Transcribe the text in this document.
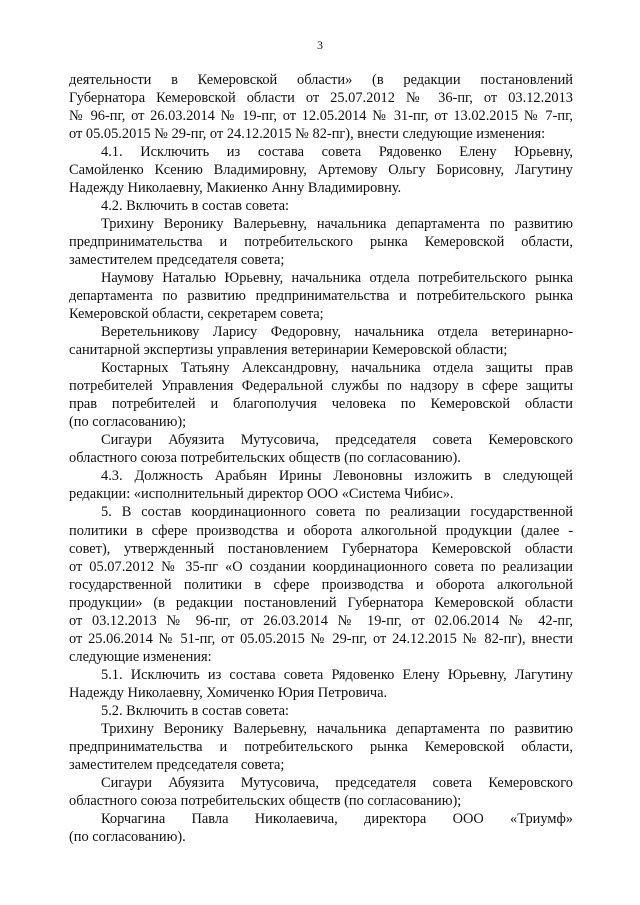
3
деятельности в Кемеровской области» (в редакции постановлений
Губернатора Кемеровской области от 25.07.2012 № 36-пг, от 03.12.2013
№ 96-пг, от 26.03.2014 № 19-пг, от 12.05.2014 № 31-пг, от 13.02.2015 № 7-пг,
от 05.05.2015 № 29-пг, от 24.12.2015 № 82-пг), внести следующие изменения:
4.1. Исключить из состава совета Рядовенко Елену Юрьевну,
Самойленко Ксению Владимировну, Артемову Ольгу Борисовну, Лагутину
Надежду Николаевну, Макиенко Анну Владимировну.
4.2. Включить в состав совета:
Трихину Веронику Валерьевну, начальника департамента по развитию
предпринимательства и потребительского рынка Кемеровской области,
заместителем председателя совета;
Наумову Наталью Юрьевну, начальника отдела потребительского рынка
департамента по развитию предпринимательства и потребительского рынка
Кемеровской области, секретарем совета;
Веретельникову Ларису Федоровну, начальника отдела ветеринарно-
санитарной экспертизы управления ветеринарии Кемеровской области;
Костарных Татьяну Александровну, начальника отдела защиты прав
потребителей Управления Федеральной службы по надзору в сфере защиты
прав потребителей и благополучия человека по Кемеровской области
(по согласованию);
Сигаури Абуязита Мутусовича, председателя совета Кемеровского
областного союза потребительских обществ (по согласованию).
4.3. Должность Арабьян Ирины Левоновны изложить в следующей
редакции: «исполнительный директор ООО «Система Чибис».
5. В состав координационного совета по реализации государственной
политики в сфере производства и оборота алкогольной продукции (далее -
совет), утвержденный постановлением Губернатора Кемеровской области
от 05.07.2012 № 35-пг «О создании координационного совета по реализации
государственной политики в сфере производства и оборота алкогольной
продукции» (в редакции постановлений Губернатора Кемеровской области
от 03.12.2013 № 96-пг, от 26.03.2014 № 19-пг, от 02.06.2014 № 42-пг,
от 25.06.2014 № 51-пг, от 05.05.2015 № 29-пг, от 24.12.2015 № 82-пг), внести
следующие изменения:
5.1. Исключить из состава совета Рядовенко Елену Юрьевну, Лагутину
Надежду Николаевну, Хомиченко Юрия Петровича.
5.2. Включить в состав совета:
Трихину Веронику Валерьевну, начальника департамента по развитию
предпринимательства и потребительского рынка Кемеровской области,
заместителем председателя совета;
Сигаури Абуязита Мутусовича, председателя совета Кемеровского
областного союза потребительских обществ (по согласованию);
Корчагина Павла Николаевича, директора ООО «Триумф»
(по согласованию).
